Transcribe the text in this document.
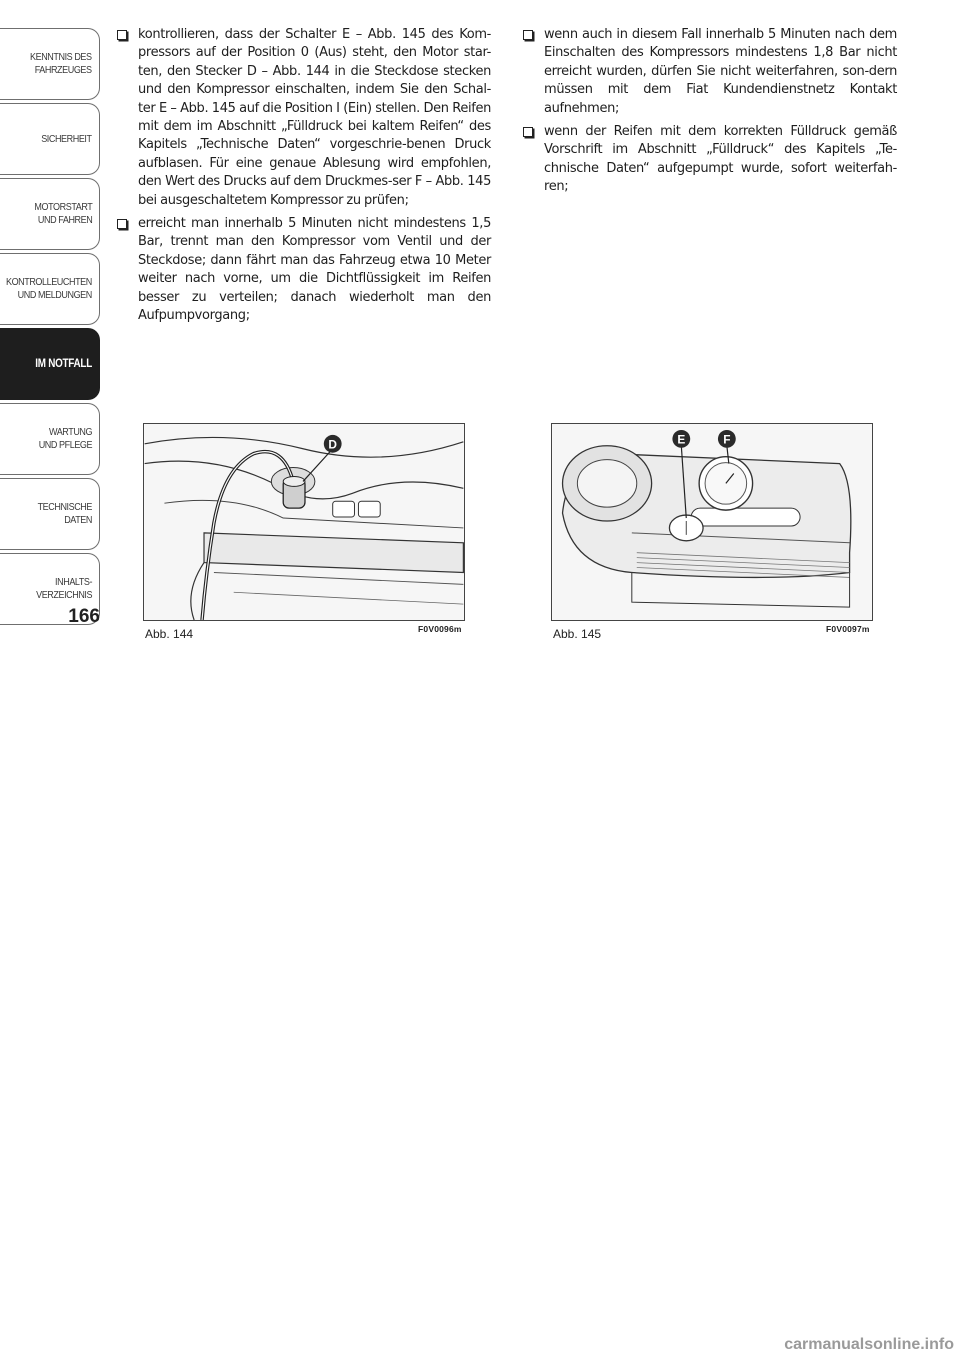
KENNTNIS DES
FAHRZEUGES
SICHERHEIT
MOTORSTART
UND FAHREN
KONTROLLEUCHTEN
UND MELDUNGEN
IM NOTFALL
WARTUNG
UND PFLEGE
TECHNISCHE DATEN
INHALTS-
VERZEICHNIS
166

kontrollieren, dass der Schalter E – Abb. 145 des Kom-pressors auf der Position 0 (Aus) steht, den Motor star-ten, den Stecker D – Abb. 144 in die Steckdose stecken und den Kompressor einschalten, indem Sie den Schal-ter E – Abb. 145 auf die Position I (Ein) stellen. Den Reifen mit dem im Abschnitt „Fülldruck bei kaltem Reifen“ des Kapitels „Technische Daten“ vorgeschrie-benen Druck aufblasen. Für eine genaue Ablesung wird empfohlen, den Wert des Drucks auf dem Druckmes-ser F – Abb. 145 bei ausgeschaltetem Kompressor zu prüfen;

erreicht man innerhalb 5 Minuten nicht mindestens 1,5 Bar, trennt man den Kompressor vom Ventil und der Steckdose; dann fährt man das Fahrzeug etwa 10 Meter weiter nach vorne, um die Dichtflüssigkeit im Reifen besser zu verteilen; danach wiederholt man den Aufpumpvorgang;

wenn auch in diesem Fall innerhalb 5 Minuten nach dem Einschalten des Kompressors mindestens 1,8 Bar nicht erreicht wurden, dürfen Sie nicht weiterfahren, son-dern müssen mit dem Fiat Kundendienstnetz Kontakt aufnehmen;

wenn der Reifen mit dem korrekten Fülldruck gemäß Vorschrift im Abschnitt „Fülldruck“ des Kapitels „Te-chnische Daten“ aufgepumpt wurde, sofort weiterfah-ren;

D
Abb. 144	F0V0096m
E	F
Abb. 145	F0V0097m
carmanualsonline.info
